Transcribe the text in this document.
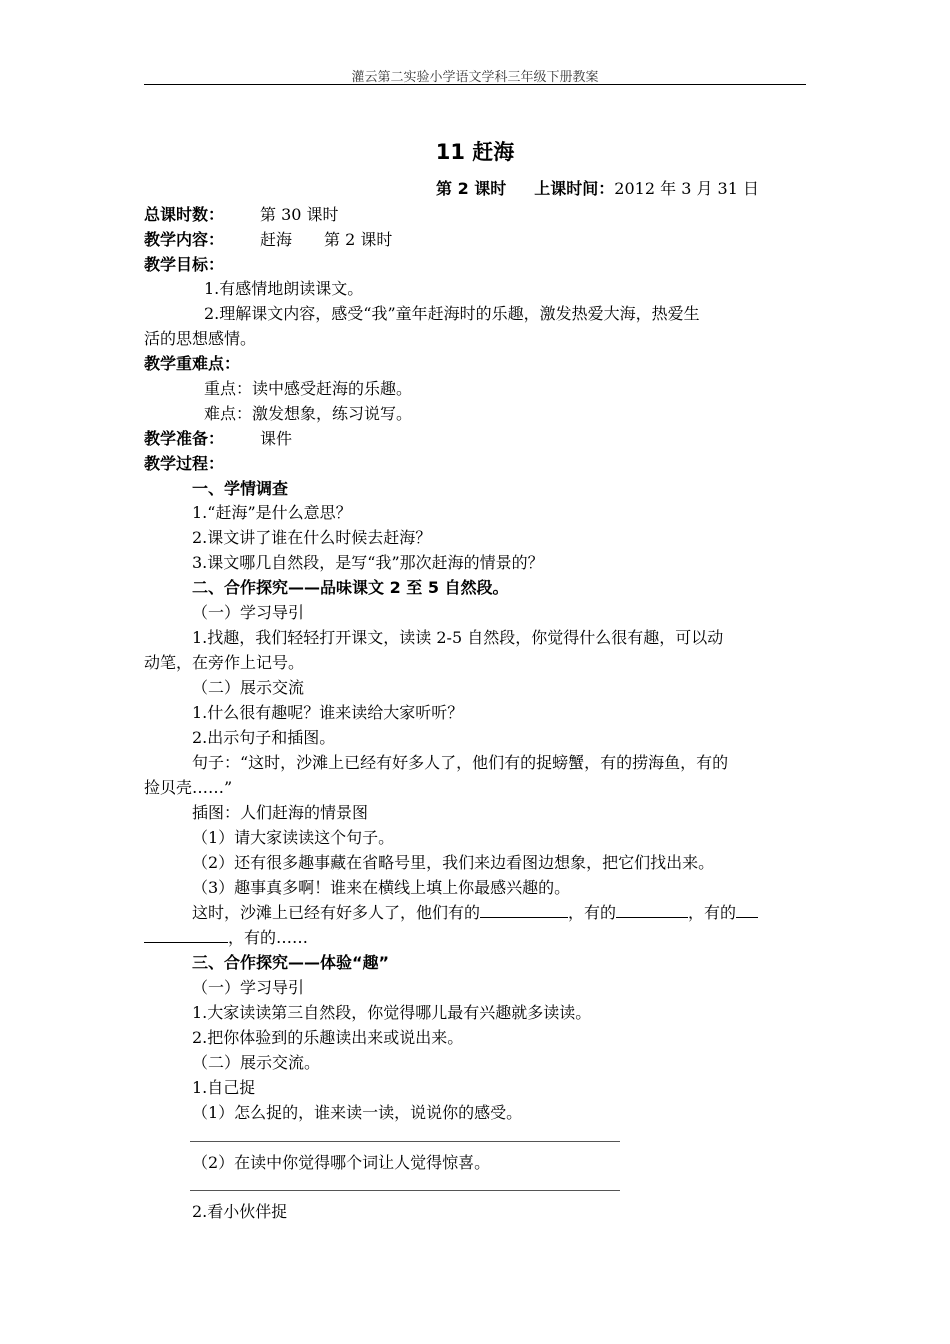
灌云第二实验小学语文学科三年级下册教案
11 赶海
第 2 课时 上课时间：2012 年 3 月 31 日
总课时数： 第 30 课时
教学内容： 赶海　　第 2 课时
教学目标：
1.有感情地朗读课文。
2.理解课文内容，感受“我”童年赶海时的乐趣，激发热爱大海，热爱生
活的思想感情。
教学重难点：
重点：读中感受赶海的乐趣。
难点：激发想象，练习说写。
教学准备： 课件
教学过程：
一、学情调查
1.“赶海”是什么意思？
2.课文讲了谁在什么时候去赶海？
3.课文哪几自然段，是写“我”那次赶海的情景的？
二、合作探究——品味课文 2 至 5 自然段。
（一）学习导引
1.找趣，我们轻轻打开课文，读读 2-5 自然段，你觉得什么很有趣，可以动
动笔，在旁作上记号。
（二）展示交流
1.什么很有趣呢？谁来读给大家听听？
2.出示句子和插图。
句子：“这时，沙滩上已经有好多人了，他们有的捉螃蟹，有的捞海鱼，有的
捡贝壳……”
插图：人们赶海的情景图
（1）请大家读读这个句子。
（2）还有很多趣事藏在省略号里，我们来边看图边想象，把它们找出来。
（3）趣事真多啊！谁来在横线上填上你最感兴趣的。
这时，沙滩上已经有好多人了，他们有的	，有的	，有的
，有的……
三、合作探究——体验“趣”
（一）学习导引
1.大家读读第三自然段，你觉得哪儿最有兴趣就多读读。
2.把你体验到的乐趣读出来或说出来。
（二）展示交流。
1.自己捉
（1）怎么捉的，谁来读一读，说说你的感受。
（2）在读中你觉得哪个词让人觉得惊喜。
2.看小伙伴捉
